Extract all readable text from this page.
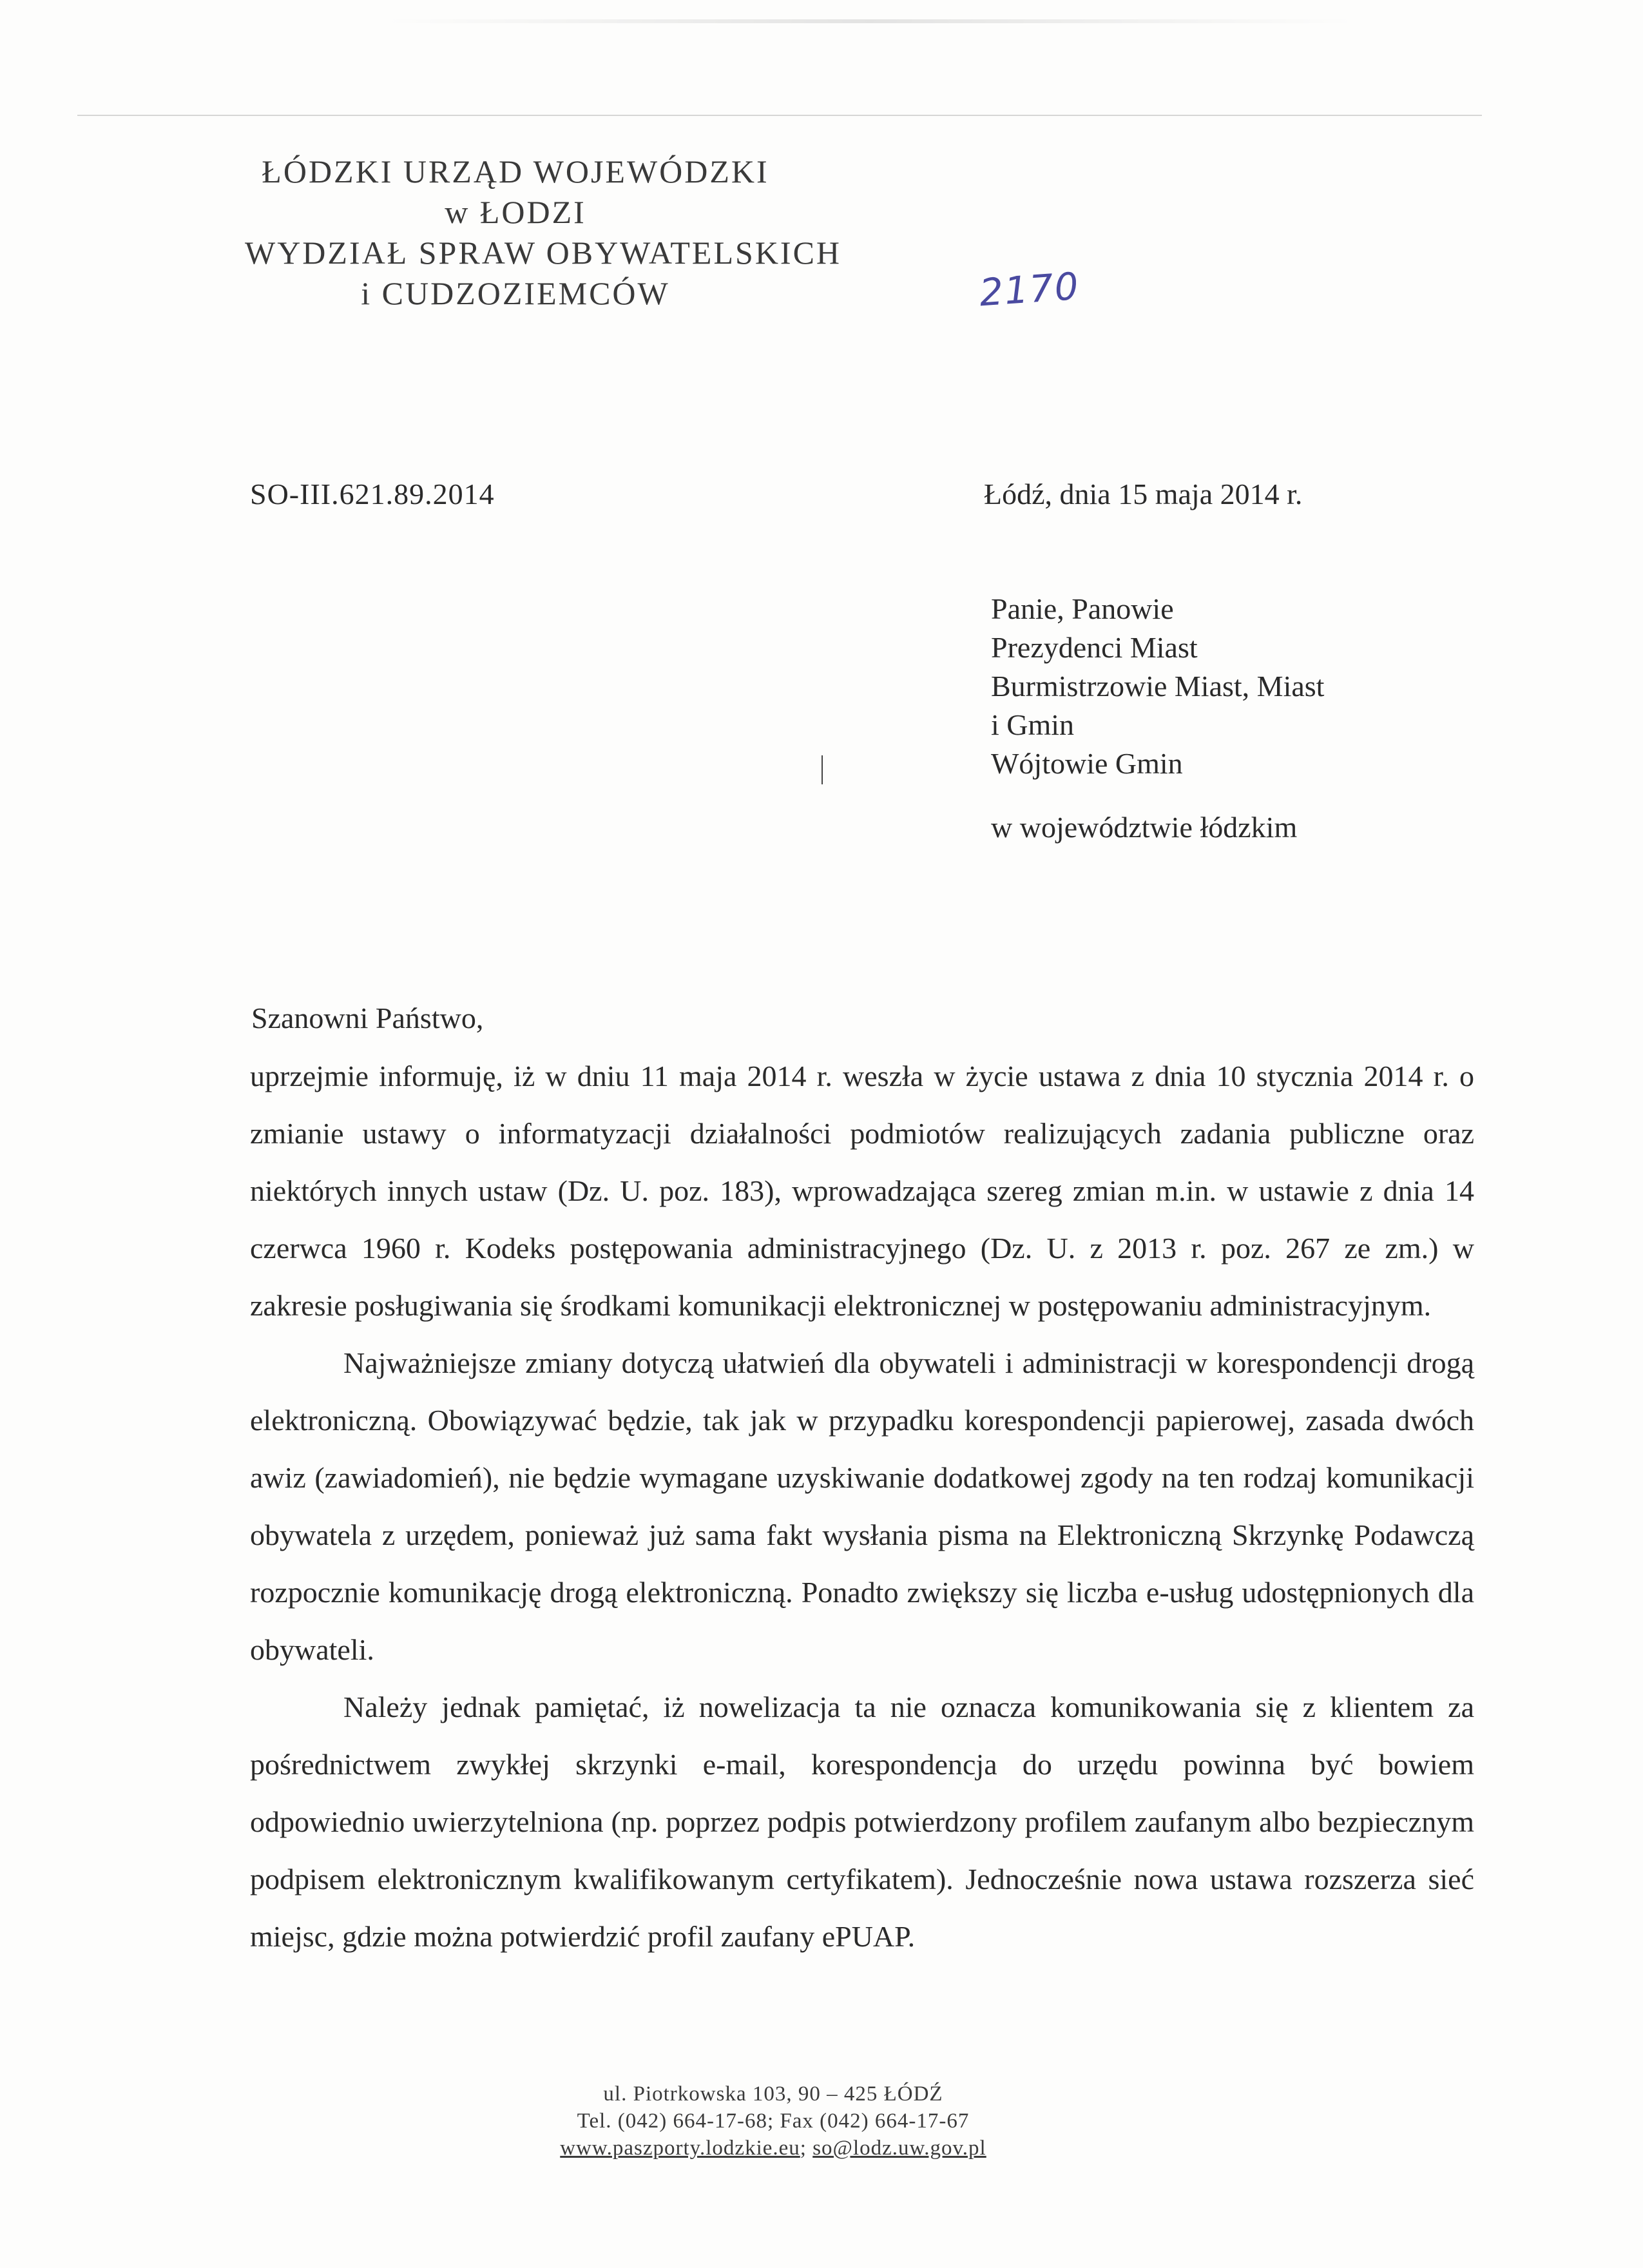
ŁÓDZKI URZĄD WOJEWÓDZKI
w ŁODZI
WYDZIAŁ SPRAW OBYWATELSKICH
i CUDZOZIEMCÓW	2170
SO-III.621.89.2014	Łódź, dnia 15 maja 2014 r.
Panie, Panowie
Prezydenci Miast
Burmistrzowie Miast, Miast
i Gmin
Wójtowie Gmin
w województwie łódzkim
Szanowni Państwo,

uprzejmie informuję, iż w dniu 11 maja 2014 r. weszła w życie ustawa z dnia 10 stycznia 2014 r. o zmianie ustawy o informatyzacji działalności podmiotów realizujących zadania publiczne oraz niektórych innych ustaw (Dz. U. poz. 183), wprowadzająca szereg zmian m.in. w ustawie z dnia 14 czerwca 1960 r. Kodeks postępowania administracyjnego (Dz. U. z 2013 r. poz. 267 ze zm.) w zakresie posługiwania się środkami komunikacji elektronicznej w postępowaniu administracyjnym.

Najważniejsze zmiany dotyczą ułatwień dla obywateli i administracji w korespondencji drogą elektroniczną. Obowiązywać będzie, tak jak w przypadku korespondencji papierowej, zasada dwóch awiz (zawiadomień), nie będzie wymagane uzyskiwanie dodatkowej zgody na ten rodzaj komunikacji obywatela z urzędem, ponieważ już sama fakt wysłania pisma na Elektroniczną Skrzynkę Podawczą rozpocznie komunikację drogą elektroniczną. Ponadto zwiększy się liczba e-usług udostępnionych dla obywateli.

Należy jednak pamiętać, iż nowelizacja ta nie oznacza komunikowania się z klientem za pośrednictwem zwykłej skrzynki e-mail, korespondencja do urzędu powinna być bowiem odpowiednio uwierzytelniona (np. poprzez podpis potwierdzony profilem zaufanym albo bezpiecznym podpisem elektronicznym kwalifikowanym certyfikatem). Jednocześnie nowa ustawa rozszerza sieć miejsc, gdzie można potwierdzić profil zaufany ePUAP.

ul. Piotrkowska 103, 90 – 425 ŁÓDŹ
Tel. (042) 664-17-68; Fax (042) 664-17-67
www.paszporty.lodzkie.eu; so@lodz.uw.gov.pl
